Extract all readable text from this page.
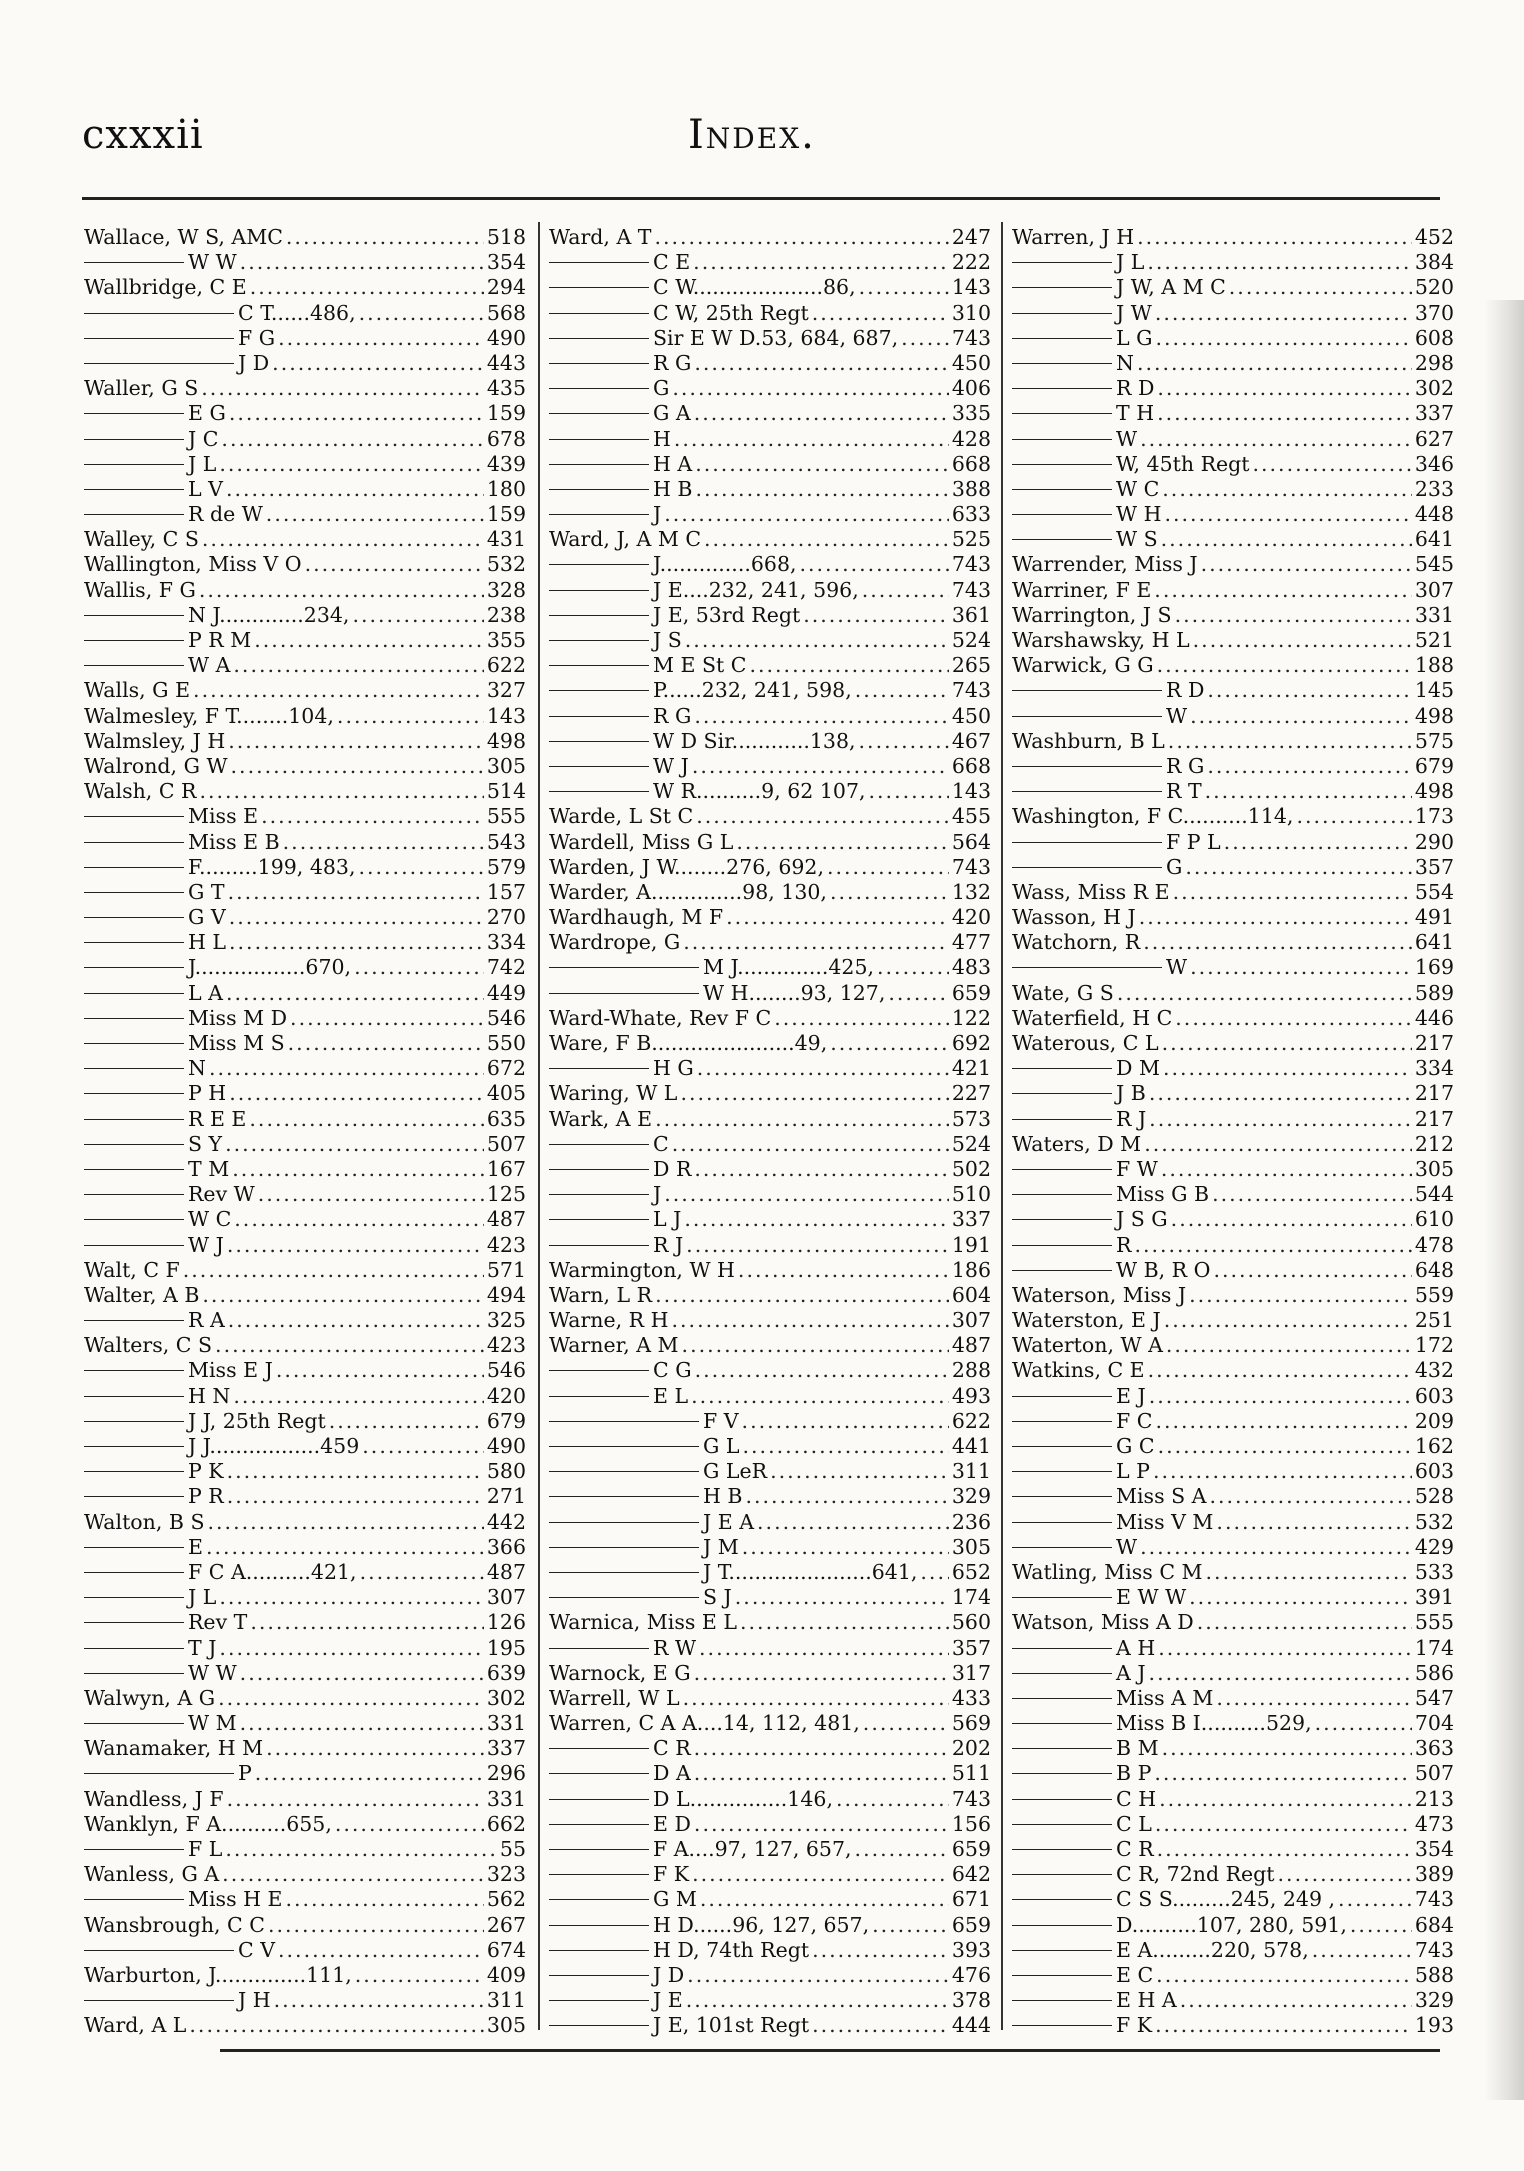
cxxxii	Index.
Wallace, W S, AMC .....	518
W W .....	354
Wallbridge, C E .....	294
C T......486, .....	568
F G .....	490
J D .....	443
Waller, G S .....	435
E G .....	159
J C .....	678
J L .....	439
L V .....	180
R de W .....	159
Walley, C S .....	431
Wallington, Miss V O .....	532
Wallis, F G .....	328
N J.............234, .....	238
P R M .....	355
W A .....	622
Walls, G E .....	327
Walmesley, F T........104, .....	143
Walmsley, J H .....	498
Walrond, G W .....	305
Walsh, C R .....	514
Miss E .....	555
Miss E B .....	543
F.........199, 483, .....	579
G T .....	157
G V .....	270
H L .....	334
J.................670, .....	742
L A .....	449
Miss M D .....	546
Miss M S .....	550
N .....	672
P H .....	405
R E E .....	635
S Y .....	507
T M .....	167
Rev W .....	125
W C .....	487
W J .....	423
Walt, C F .....	571
Walter, A B .....	494
R A .....	325
Walters, C S .....	423
Miss E J .....	546
H N .....	420
J J, 25th Regt .....	679
J J.................459 .....	490
P K .....	580
P R .....	271
Walton, B S .....	442
E .....	366
F C A..........421, .....	487
J L .....	307
Rev T .....	126
T J .....	195
W W .....	639
Walwyn, A G .....	302
W M .....	331
Wanamaker, H M .....	337
P .....	296
Wandless, J F .....	331
Wanklyn, F A..........655, .....	662
F L .....	55
Wanless, G A .....	323
Miss H E .....	562
Wansbrough, C C .....	267
C V .....	674
Warburton, J..............111, .....	409
J H .....	311
Ward, A L .....	305
Ward, A T .....	247
C E .....	222
C W....................86, .....	143
C W, 25th Regt .....	310
Sir E W D.53, 684, 687, .....	743
R G .....	450
G .....	406
G A .....	335
H .....	428
H A .....	668
H B .....	388
J .....	633
Ward, J, A M C .....	525
J..............668, .....	743
J E....232, 241, 596, .....	743
J E, 53rd Regt .....	361
J S .....	524
M E St C .....	265
P......232, 241, 598, .....	743
R G .....	450
W D Sir............138, .....	467
W J .....	668
W R..........9, 62 107, .....	143
Warde, L St C .....	455
Wardell, Miss G L .....	564
Warden, J W........276, 692, .....	743
Warder, A..............98, 130, .....	132
Wardhaugh, M F .....	420
Wardrope, G .....	477
M J..............425, .....	483
W H........93, 127, .....	659
Ward-Whate, Rev F C .....	122
Ware, F B......................49, .....	692
H G .....	421
Waring, W L .....	227
Wark, A E .....	573
C .....	524
D R .....	502
J .....	510
L J .....	337
R J .....	191
Warmington, W H .....	186
Warn, L R .....	604
Warne, R H .....	307
Warner, A M .....	487
C G .....	288
E L .....	493
F V .....	622
G L .....	441
G LeR .....	311
H B .....	329
J E A .....	236
J M .....	305
J T......................641, ..... 652
S J .....	174
Warnica, Miss E L .....	560
R W .....	357
Warnock, E G .....	317
Warrell, W L .....	433
Warren, C A A....14, 112, 481, .....	569
C R .....	202
D A .....	511
D L...............146, .....	743
E D .....	156
F A....97, 127, 657, .....	659
F K .....	642
G M .....	671
H D......96, 127, 657, .....	659
H D, 74th Regt .....	393
J D .....	476
J E .....	378
J E, 101st Regt .....	444
Warren, J H .....	452
J L .....	384
J W, A M C .....	520
J W .....	370
L G .....	608
N .....	298
R D .....	302
T H .....	337
W .....	627
W, 45th Regt .....	346
W C .....	233
W H .....	448
W S .....	641
Warrender, Miss J .....	545
Warriner, F E .....	307
Warrington, J S .....	331
Warshawsky, H L .....	521
Warwick, G G .....	188
R D .....	145
W .....	498
Washburn, B L .....	575
R G .....	679
R T .....	498
Washington, F C..........114, .....	173
F P L .....	290
G .....	357
Wass, Miss R E .....	554
Wasson, H J .....	491
Watchorn, R .....	641
W .....	169
Wate, G S .....	589
Waterfield, H C .....	446
Waterous, C L .....	217
D M .....	334
J B .....	217
R J .....	217
Waters, D M .....	212
F W .....	305
Miss G B .....	544
J S G .....	610
R .....	478
W B, R O .....	648
Waterson, Miss J .....	559
Waterston, E J .....	251
Waterton, W A .....	172
Watkins, C E .....	432
E J .....	603
F C .....	209
G C .....	162
L P .....	603
Miss S A .....	528
Miss V M .....	532
W .....	429
Watling, Miss C M .....	533
E W W .....	391
Watson, Miss A D .....	555
A H .....	174
A J .....	586
Miss A M .....	547
Miss B I..........529, .....	704
B M .....	363
B P .....	507
C H .....	213
C L .....	473
C R .....	354
C R, 72nd Regt .....	389
C S S.........245, 249 , .....	743
D..........107, 280, 591, .....	684
E A.........220, 578, .....	743
E C .....	588
E H A .....	329
F K .....	193
